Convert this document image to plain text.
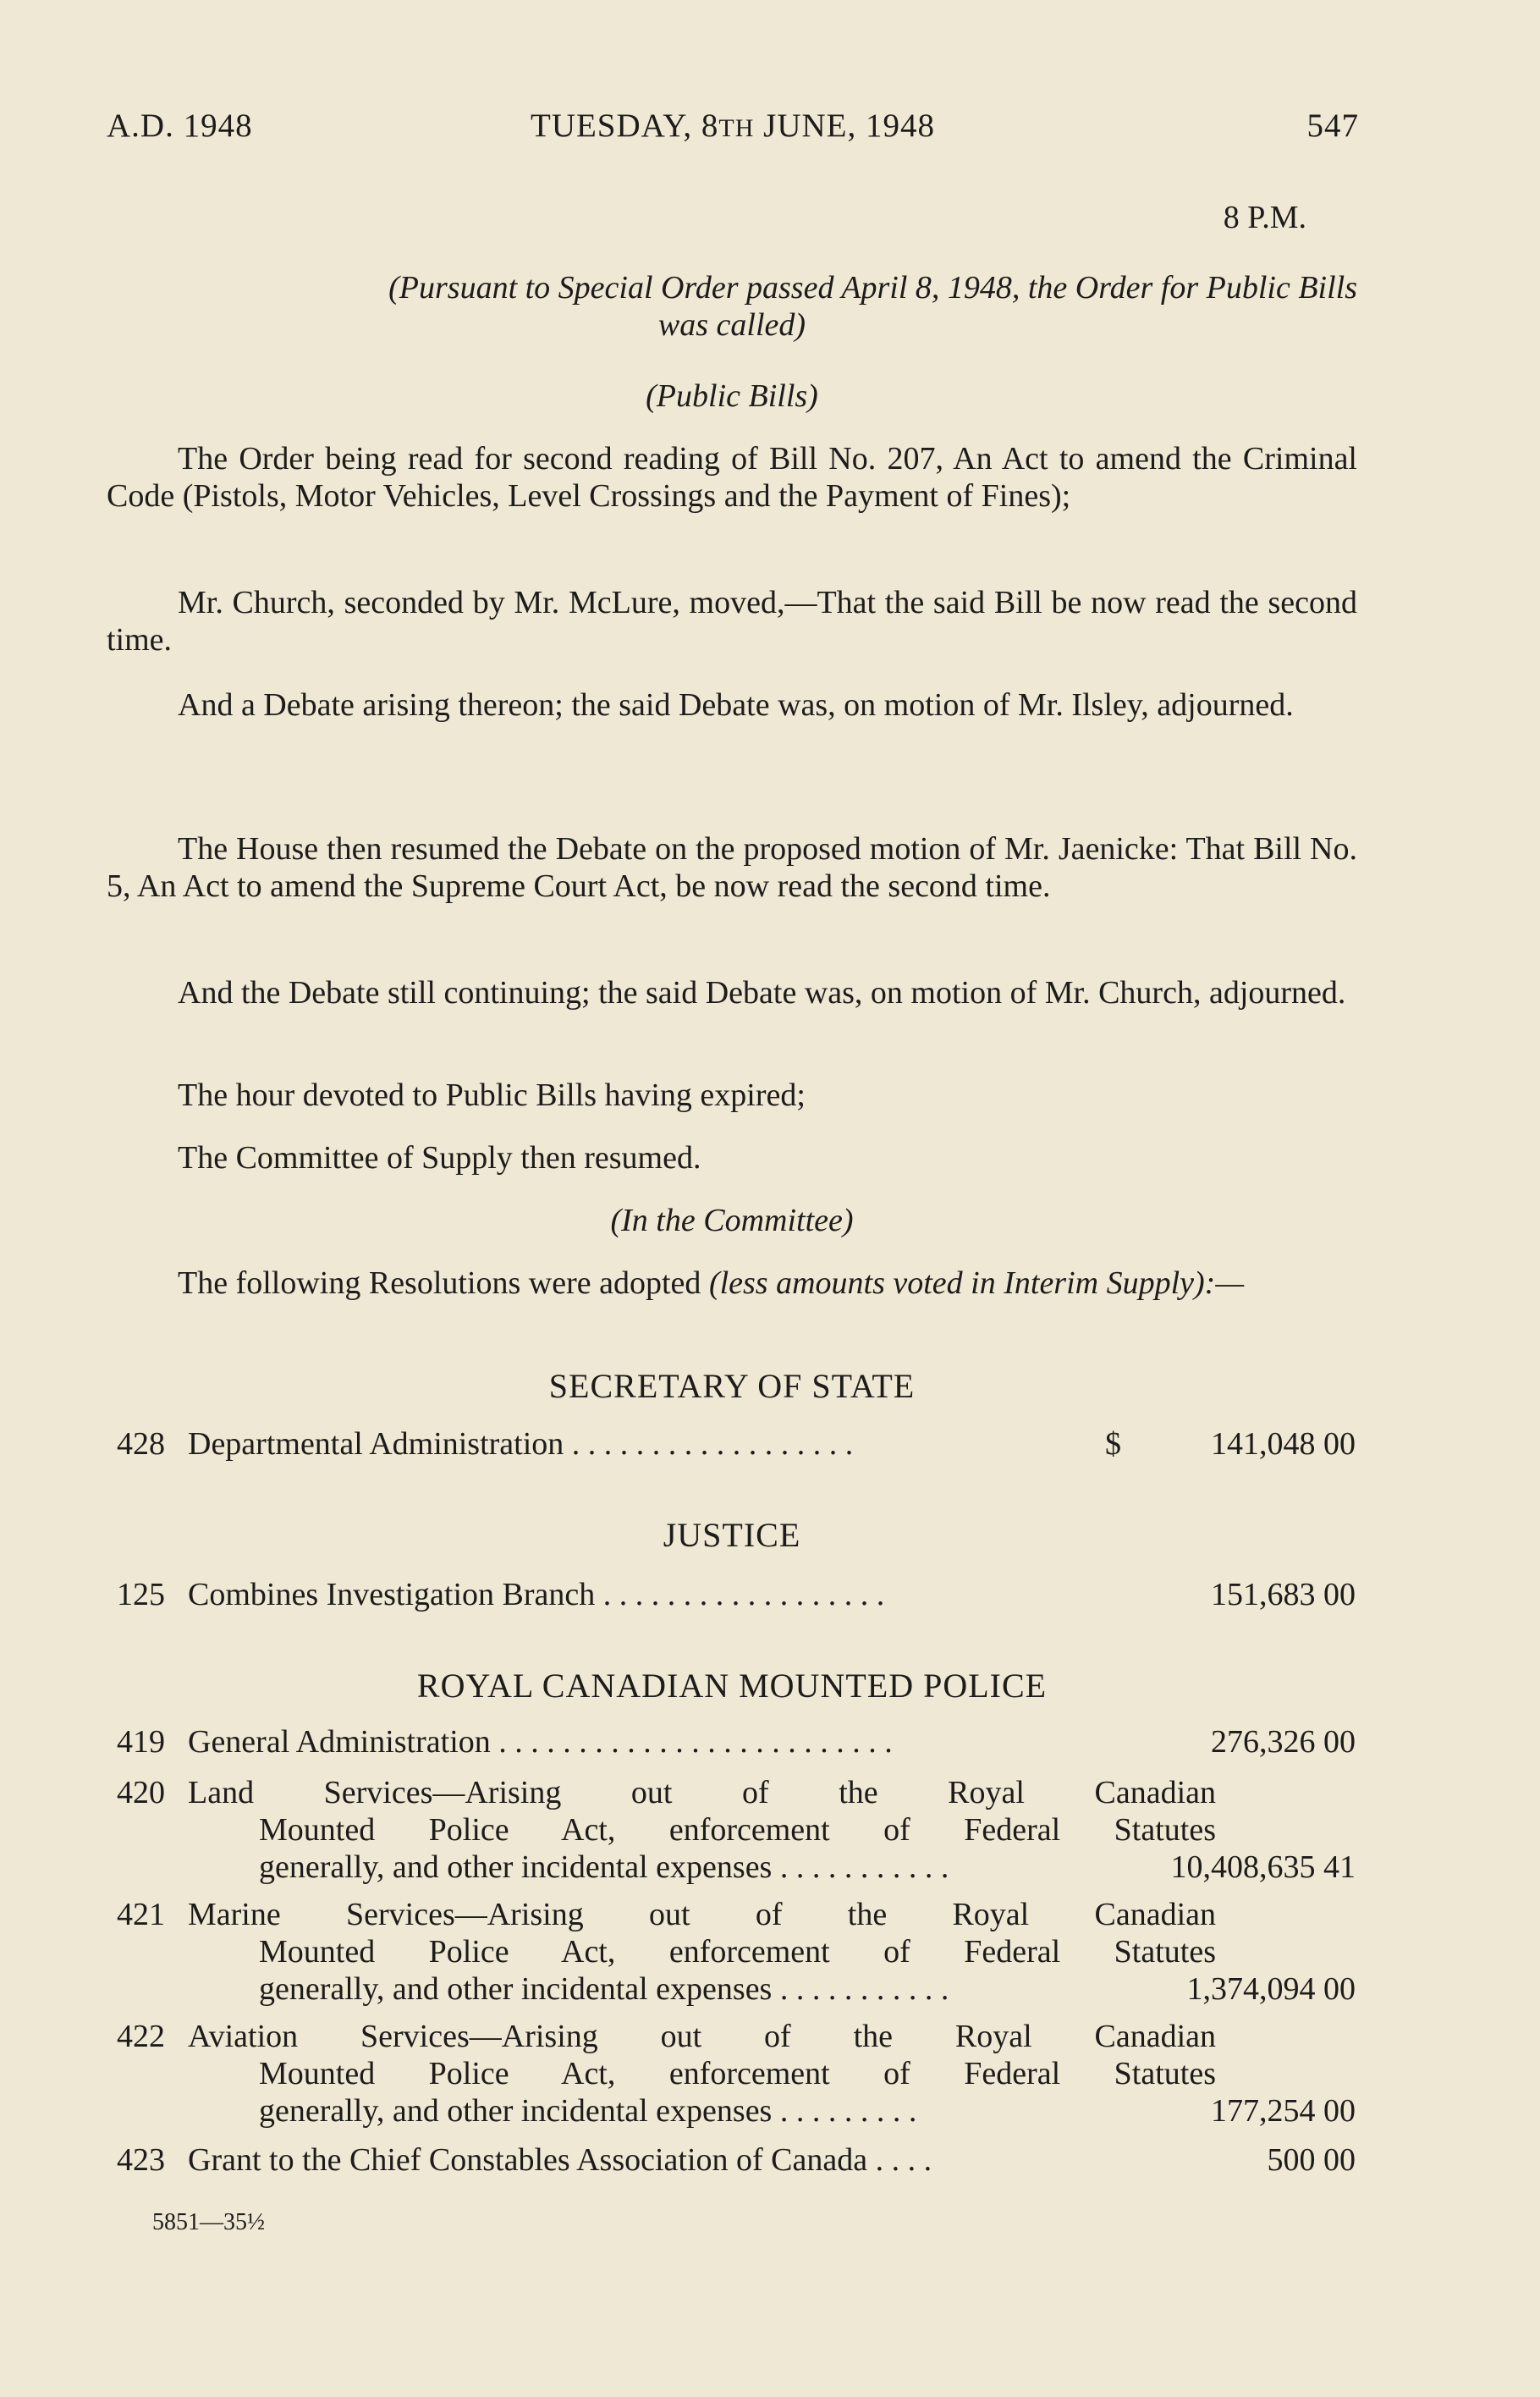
A.D. 1948	TUESDAY, 8TH JUNE, 1948	547
8 P.M.
(Pursuant to Special Order passed April 8, 1948, the Order for Public Bills
was called)
(Public Bills)
The Order being read for second reading of Bill No. 207, An Act to amend the Criminal Code (Pistols, Motor Vehicles, Level Crossings and the Payment of Fines);
Mr. Church, seconded by Mr. McLure, moved,—That the said Bill be now read the second time.
And a Debate arising thereon; the said Debate was, on motion of Mr. Ilsley, adjourned.
The House then resumed the Debate on the proposed motion of Mr. Jaenicke: That Bill No. 5, An Act to amend the Supreme Court Act, be now read the second time.
And the Debate still continuing; the said Debate was, on motion of Mr. Church, adjourned.
The hour devoted to Public Bills having expired;
The Committee of Supply then resumed.
(In the Committee)
The following Resolutions were adopted (less amounts voted in Interim Supply):—
SECRETARY OF STATE
428 Departmental Administration . . . . . . . . . . . . . . . . . .	$	141,048 00
JUSTICE
125 Combines Investigation Branch . . . . . . . . . . . . . . . . . .	151,683 00
ROYAL CANADIAN MOUNTED POLICE
419 General Administration . . . . . . . . . . . . . . . . . . . . . . . . .	276,326 00
420 Land Services—Arising out of the Royal Canadian
Mounted Police Act, enforcement of Federal Statutes
generally, and other incidental expenses . . . . . . . . . . .	10,408,635 41
421 Marine Services—Arising out of the Royal Canadian
Mounted Police Act, enforcement of Federal Statutes
generally, and other incidental expenses . . . . . . . . . . .	1,374,094 00
422 Aviation Services—Arising out of the Royal Canadian
Mounted Police Act, enforcement of Federal Statutes
generally, and other incidental expenses . . . . . . . . .	177,254 00
423 Grant to the Chief Constables Association of Canada . . . .	500 00
5851—35½
